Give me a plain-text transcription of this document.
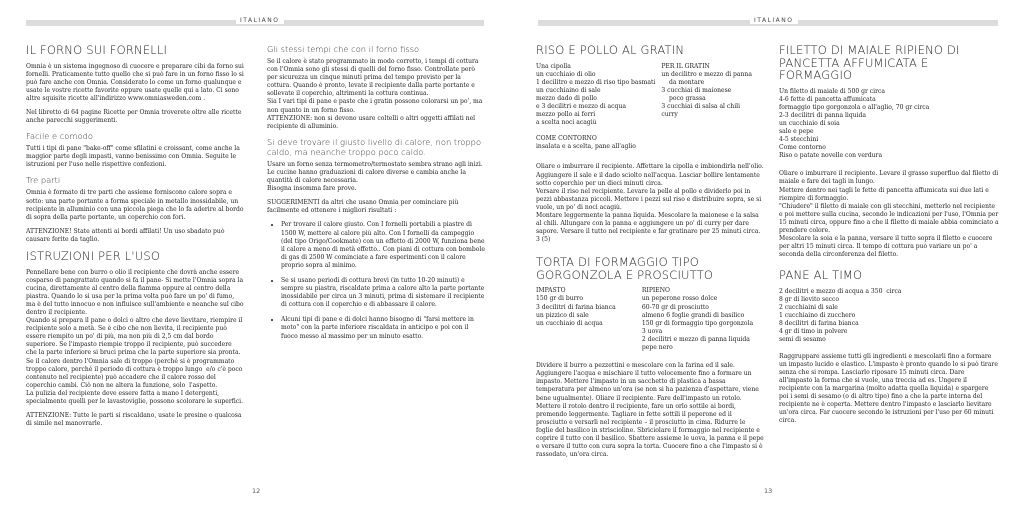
ITALIANO
IL FORNO SUI FORNELLI

Omnia è un sistema ingegnoso di cuocere e preparare cibi da forno sui fornelli. Praticamente tutto quello che si può fare in un forno fisso lo si può fare anche con Omnia. Considerato lo come un forno qualunque e usate le vostre ricette favorite oppure usate quelle qui a lato. Ci sono altre squisite ricette all'indirizzo www.omniasweden.com .

Nel libretto di 64 pagine Ricette per Omnia troverete oltre alle ricette anche parecchi suggerimenti.

Facile e comodo

Tutti i tipi di pane "bake-off" come sfilatini e croissant, come anche la maggior parte degli impasti, vanno benissimo con Omnia. Seguite le istruzioni per l'uso nelle rispettive confezioni.

Tre parti

Omnia è formato di tre parti che assieme forniscono calore sopra e sotto: una parte portante a forma speciale in metallo inossidabile, un recipiente in alluminio con una piccola piega che lo fa aderire al bordo di sopra della parte portante, un coperchio con fori.

ATTENZIONE! State attenti ai bordi affilati! Un uso sbadato può causare ferite da taglio.

ISTRUZIONI PER L'USO

Pennellare bene con burro o olio il recipiente che dovrà anche essere cosparso di pangrattato quando si fa il pane- Si mette l'Omnia sopra la cucina, direttamente al centro della fiamma oppure al centro della piastra. Quando lo si usa per la prima volta può fare un po' di fumo, ma è del tutto innocuo e non influisce sull'ambiente e neanche sul cibo dentro il recipiente.
Quando si prepara il pane o dolci o altro che deve lievitare, riempire il recipiente solo a metà. Se è cibo che non lievita, il recipiente può essere riempito un po' di più, ma non più di 2,5 cm dal bordo superiore. Se l'impasto riempie troppo il recipiente, può succedere che la parte inferiore si bruci prima che la parte superiore sia pronta.
Se il calore dentro l'Omnia sale di troppo (perché si è programmato troppo calore, perché il periodo di cottura è troppo lungo  e/o c'è poco contenuto nel recipiente) può accadere che il calore rosso del coperchio cambi. Ciò non ne altera la funzione, solo  l'aspetto.
La pulizia del recipiente deve essere fatta a mano I detergenti, specialmente quelli per le lavastoviglie, possono scolorare le superfici.

ATTENZIONE: Tutte le parti si riscaldano, usate le presine o qualcosa di simile nel manovrarle.

Gli stessi tempi che con il forno fisso

Se il calore è stato programmato in modo corretto, i tempi di cottura con l'Omnia sono gli stessi di quelli del forno fisso. Controllate però per sicurezza un cinque minuti prima del tempo previsto per la cottura. Quando è pronto, levate il recipiente dalla parte portante e sollevate il coperchio, altrimenti la cottura continua.
Sia I vari tipi di pane e paste che i gratin possono colorarsi un po', ma non quanto in un forno fisso.
ATTENZIONE: non si devono usare coltelli o altri oggetti affilati nel recipiente di alluminio.

Si deve trovare il giusto livello di calore, non troppo caldo, ma neanche troppo poco caldo.

Usare un forno senza termometro/termostato sembra strano agli inizi. Le cucine hanno graduazioni di calore diverse e cambia anche la quantità di calore necessaria.
Bisogna insomma fare prove.

SUGGERIMENTI da altri che usano Omnia per cominciare più facilmente ed ottenere i migliori risultati :

• Per trovare il calore giusto. Con I fornelli portabili a piastre di 1500 W, mettere al calore più alto. Con I fornelli da campeggio (del tipo Origo/Cookmate) con un effetto di 2000 W, funziona bene il calore a meno di metà effetto.. Con piani di cottura con bombole di gas di 2500 W cominciate a fare esperimenti con il calore proprio sopra al minimo.
• Se si usano periodi di cottura brevi (in tutto 10-20 minuti) e sempre su piastra, riscaldate prima a calore alto la parte portante inossidabile per circa un 3 minuti, prima di sistemare il recipiente di cottura con il coperchio e di abbassare il calore.
• Alcuni tipi di pane e di dolci hanno bisogno di "farsi mettere in moto" con la parte inferiore riscaldata in anticipo e poi con il fuoco messo al massimo per un minuto esatto.
12
ITALIANO
RISO E POLLO AL GRATIN
Una cipolla
un cucchiaio di olio
1 decilitro e mezzo di riso tipo basmati
un cucchiaino di sale
mezzo dado di pollo
e 3 decilitri e mezzo di acqua
mezzo pollo ai ferri
a scelta noci acagiù
PER IL GRATIN
un decilitro e mezzo di panna
da montare
3 cucchiai di maionese
poco grassa
3 cucchiai di salsa al chili
curry
COME CONTORNO

insalata e a scelta, pane all'aglio

Oliare o imburrare il recipiente. Affettare la cipolla e imbiondirla nell'olio. Aggiungere il sale e il dado sciolto nell'acqua. Lasciar bollire lentamente sotto coperchio per un dieci minuti circa.
Versare il riso nel recipiente. Levare la pelle al pollo e dividerlo poi in pezzi abbastanza piccoli. Mettere i pezzi sul riso e distribuire sopra, se si vuole, un po' di noci acagiù.
Montare leggermente la panna liquida. Mescolare la maionese e la salsa al chili. Allungare con la panna e aggiungere un po' di curry per dare sapore. Versare il tutto nel recipiente e far gratinare per 25 minuti circa. 3 (5)

TORTA DI FORMAGGIO TIPO GORGONZOLA E PROSCIUTTO
IMPASTO
150 gr di burro
3 decilitri di farina bianca
un pizzico di sale
un cucchiaio di acqua
RIPIENO
un peperone rosso dolce
60-70 gr di prosciutto
almeno 6 foglie grandi di basilico
150 gr di formaggio tipo gorgonzola
3 uova
2 decilitri e mezzo di panna liquida
pepe nero

Dividere il burro a pezzettini e mescolare con la farina ed il sale. Aggiungere l'acqua e mischiare il tutto velocemente fino a formare un impasto. Mettere l'impasto in un sacchetto di plastica a bassa temperatura per almeno un'ora (se non si ha pazienza d'aspettare, viene bene ugualmente). Oliare il recipiente. Fare dell'impasto un rotolo. Mettere il rotolo dentro il recipiente, fare un orlo sottile ai bordi, premendo leggermente. Tagliare in fette sottili il peperone ed il prosciutto e versarli nel recipiente – il prosciutto in cima. Ridurre le foglie del basilico in striscioline. Sbriciolare il formaggio nel recipiente e coprire il tutto con il basilico. Sbattere assieme le uova, la panna e il pepe e versare il tutto con cura sopra la torta. Cuocere fino a che l'impasto si è rassodato, un'ora circa.

FILETTO DI MAIALE RIPIENO DI PANCETTA AFFUMICATA E FORMAGGIO
Un filetto di maiale di 500 gr circa
4-6 fette di pancetta affumicata
formaggio tipo gorgonzola o all'aglio, 70 gr circa
2-3 decilitri di panna liquida
un cucchiaio di soia
sale e pepe
4-5 stecchini
Come contorno
Riso o patate novelle con verdura

Oliare o imburrare il recipiente. Levare il grasso superfluo dal filetto di maiale e fare dei tagli in lungo.
Mettere dentro nei tagli le fette di pancetta affumicata sui due lati e riempire di formaggio.
"Chiudere" il filetto di maiale con gli stecchini, metterlo nel recipiente e poi mettere sulla cucina, secondo le indicazioni per l'uso, l'Omnia per 15 minuti circa, oppure fino a che il filetto di maiale abbia cominciato a prendere colore.
Mescolare la soia e la panna, versare il tutto sopra il filetto e cuocere per altri 15 minuti circa. Il tempo di cottura può variare un po' a seconda della circonferenza del filetto.

PANE AL TIMO
2 decilitri e mezzo di acqua a 350  circa
8 gr di lievito secco
2 cucchiaini di sale
1 cucchiaino di zucchero
8 decilitri di farina bianca
4 gr di timo in polvere
semi di sesamo

Raggruppare assieme tutti gli ingredienti e mescolarli fino a formare un impasto lucido e elastico. L'impasto è pronto quando lo si può tirare senza che si rompa. Lasciarlo riposare 15 minuti circa. Dare all'impasto la forma che si vuole, una treccia ad es. Ungere il recipiente con la margarina (molto adatta quella liquida) e spargere poi i semi di sesamo (o di altro tipo) fino a che la parte interna del recipiente ne è coperta. Mettere dentro l'impasto e lasciarlo lievitare un'ora circa. Far cuocere secondo le istruzioni per l'uso per 60 minuti circa.

13
